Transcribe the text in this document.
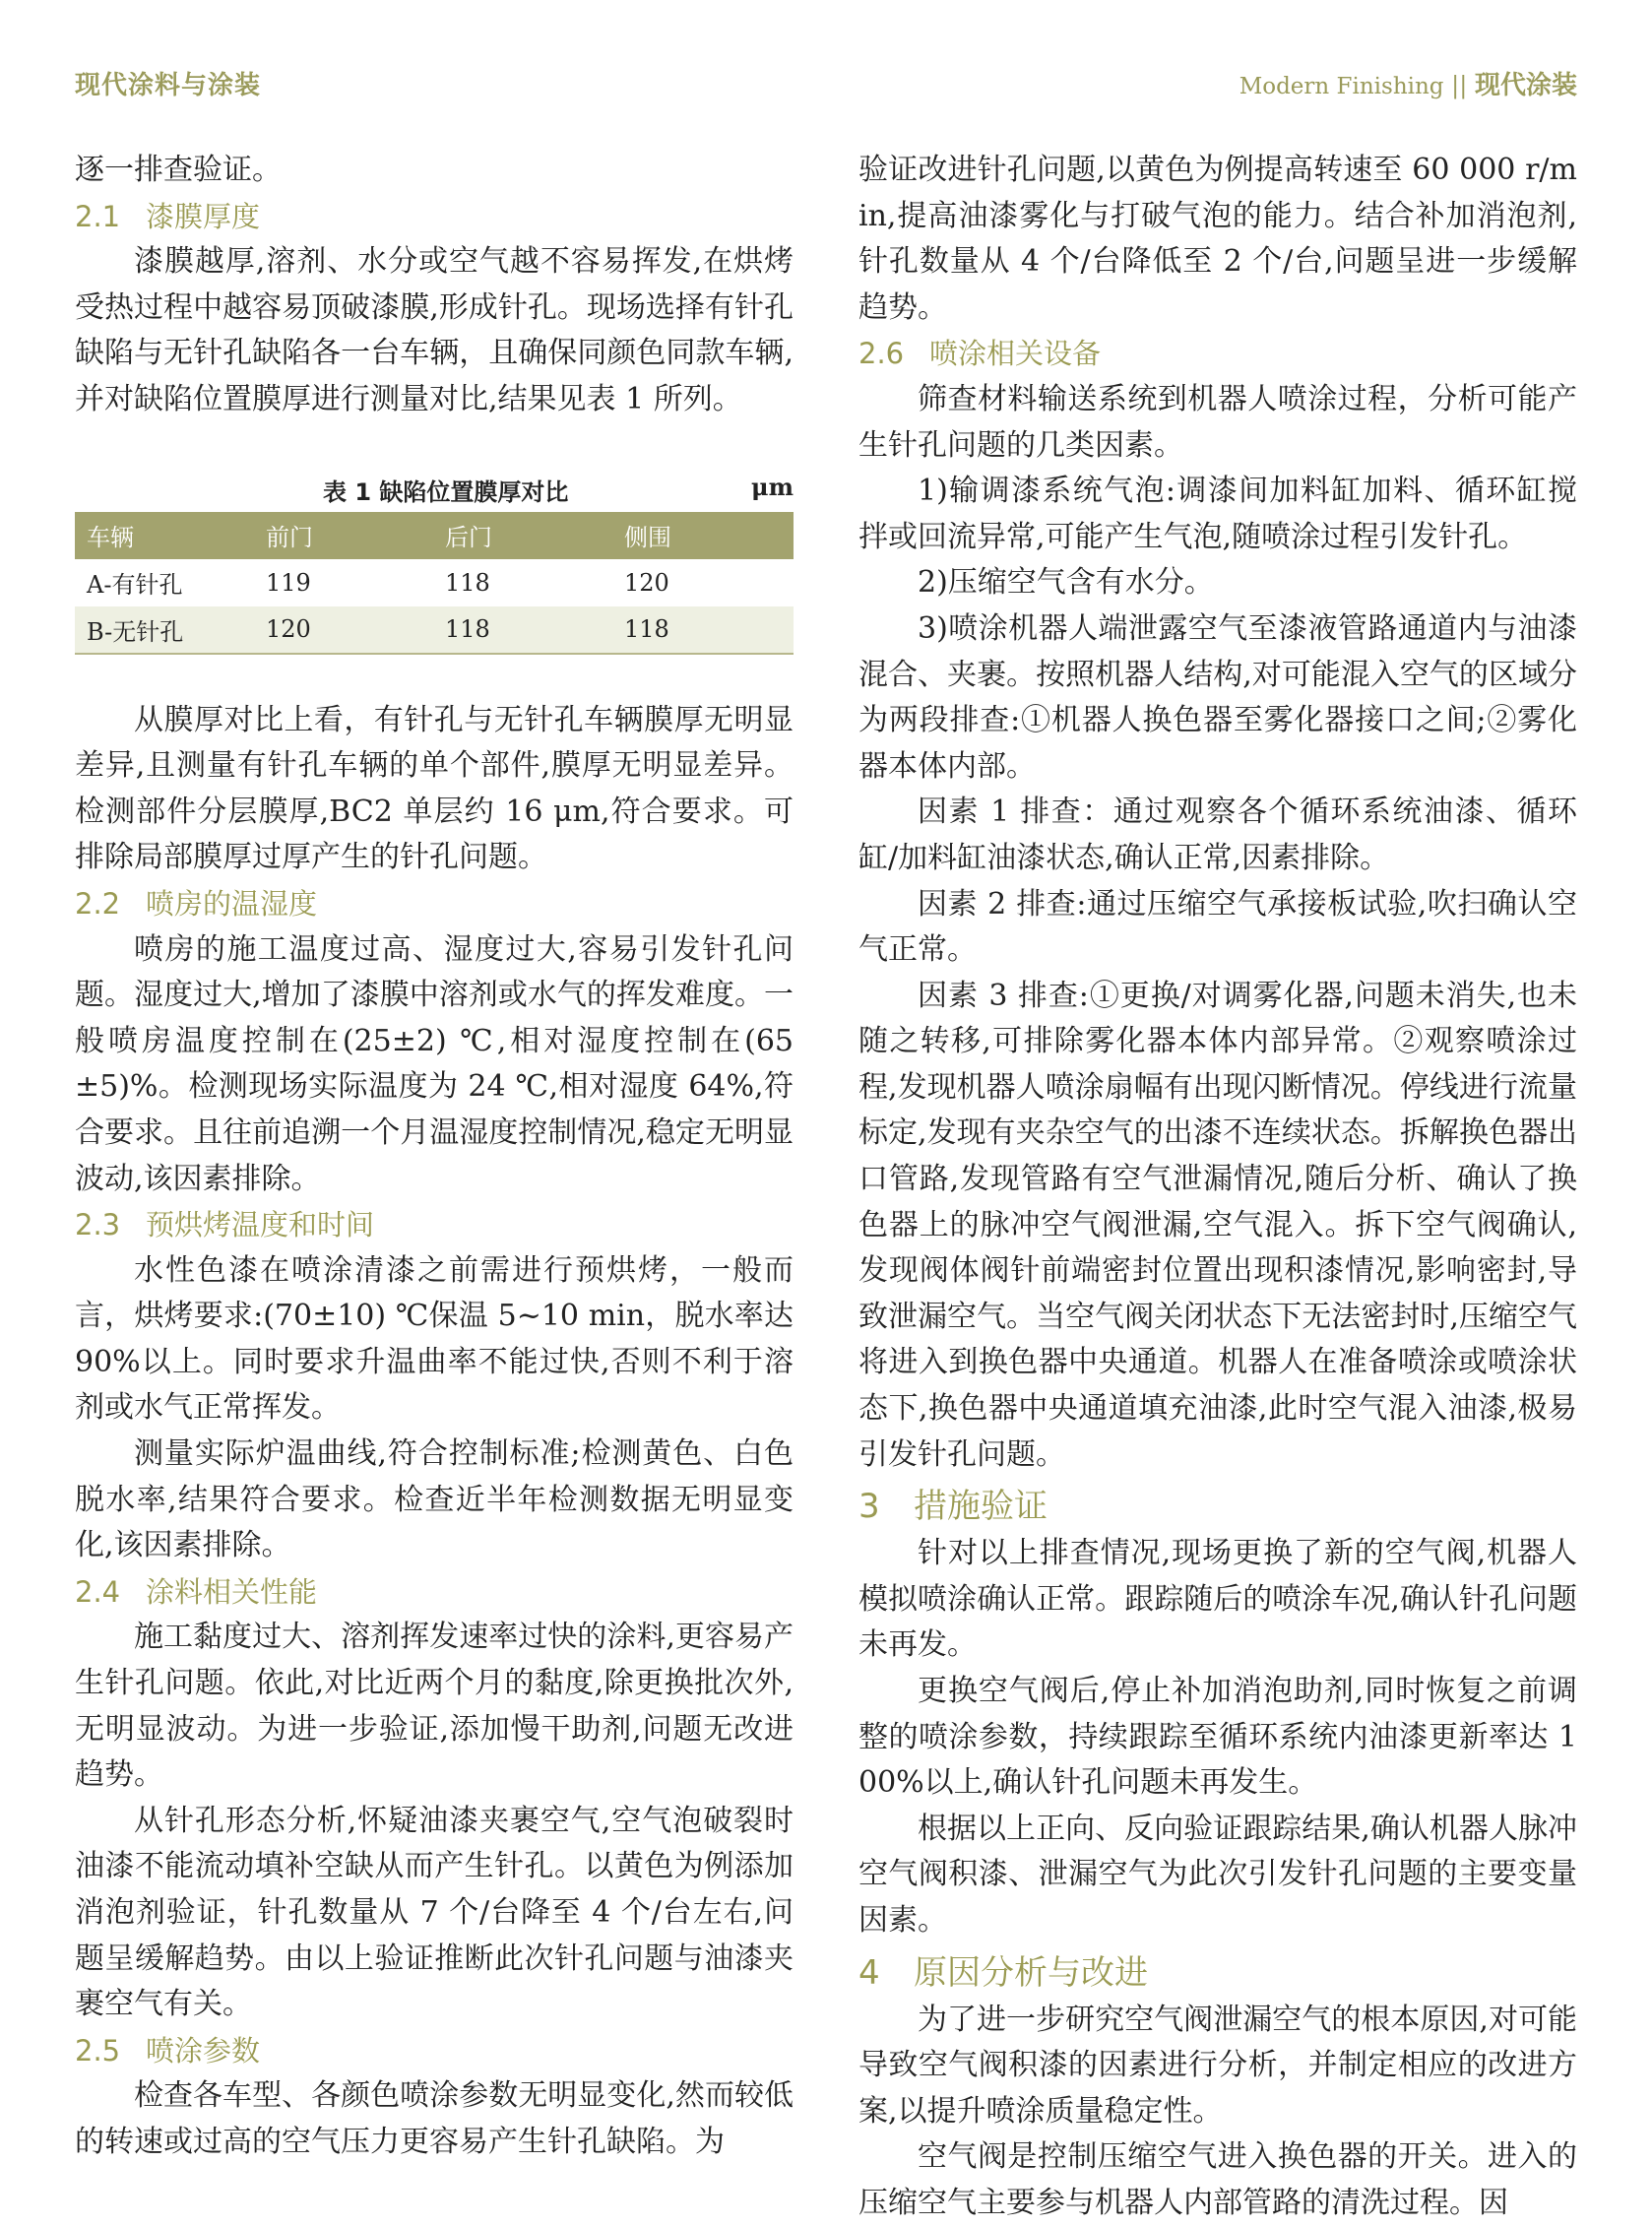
现代涂料与涂装	Modern Finishing || 现代涂装

逐一排查验证。

2.1 漆膜厚度

漆膜越厚,溶剂、水分或空气越不容易挥发,在烘烤受热过程中越容易顶破漆膜,形成针孔。现场选择有针孔缺陷与无针孔缺陷各一台车辆，且确保同颜色同款车辆,并对缺陷位置膜厚进行测量对比,结果见表 1 所列。

表 1 缺陷位置膜厚对比	μm
车辆	前门	后门	侧围
A-有针孔	119	118	120
B-无针孔	120	118	118

从膜厚对比上看，有针孔与无针孔车辆膜厚无明显差异,且测量有针孔车辆的单个部件,膜厚无明显差异。检测部件分层膜厚,BC2 单层约 16 μm,符合要求。可排除局部膜厚过厚产生的针孔问题。

2.2 喷房的温湿度

喷房的施工温度过高、湿度过大,容易引发针孔问题。湿度过大,增加了漆膜中溶剂或水气的挥发难度。一般喷房温度控制在(25±2) ℃,相对湿度控制在(65±5)%。检测现场实际温度为 24 ℃,相对湿度 64%,符合要求。且往前追溯一个月温湿度控制情况,稳定无明显波动,该因素排除。

2.3 预烘烤温度和时间

水性色漆在喷涂清漆之前需进行预烘烤，一般而言，烘烤要求:(70±10) ℃保温 5~10 min，脱水率达 90%以上。同时要求升温曲率不能过快,否则不利于溶剂或水气正常挥发。

测量实际炉温曲线,符合控制标准;检测黄色、白色脱水率,结果符合要求。检查近半年检测数据无明显变化,该因素排除。

2.4 涂料相关性能

施工黏度过大、溶剂挥发速率过快的涂料,更容易产生针孔问题。依此,对比近两个月的黏度,除更换批次外,无明显波动。为进一步验证,添加慢干助剂,问题无改进趋势。

从针孔形态分析,怀疑油漆夹裹空气,空气泡破裂时油漆不能流动填补空缺从而产生针孔。以黄色为例添加消泡剂验证，针孔数量从 7 个/台降至 4 个/台左右,问题呈缓解趋势。由以上验证推断此次针孔问题与油漆夹裹空气有关。

2.5 喷涂参数

检查各车型、各颜色喷涂参数无明显变化,然而较低的转速或过高的空气压力更容易产生针孔缺陷。为

验证改进针孔问题,以黄色为例提高转速至 60 000 r/min,提高油漆雾化与打破气泡的能力。结合补加消泡剂,针孔数量从 4 个/台降低至 2 个/台,问题呈进一步缓解趋势。

2.6 喷涂相关设备

筛查材料输送系统到机器人喷涂过程，分析可能产生针孔问题的几类因素。

1)输调漆系统气泡:调漆间加料缸加料、循环缸搅拌或回流异常,可能产生气泡,随喷涂过程引发针孔。

2)压缩空气含有水分。

3)喷涂机器人端泄露空气至漆液管路通道内与油漆混合、夹裹。按照机器人结构,对可能混入空气的区域分为两段排查:①机器人换色器至雾化器接口之间;②雾化器本体内部。

因素 1 排查：通过观察各个循环系统油漆、循环缸/加料缸油漆状态,确认正常,因素排除。

因素 2 排查:通过压缩空气承接板试验,吹扫确认空气正常。

因素 3 排查:①更换/对调雾化器,问题未消失,也未随之转移,可排除雾化器本体内部异常。②观察喷涂过程,发现机器人喷涂扇幅有出现闪断情况。停线进行流量标定,发现有夹杂空气的出漆不连续状态。拆解换色器出口管路,发现管路有空气泄漏情况,随后分析、确认了换色器上的脉冲空气阀泄漏,空气混入。拆下空气阀确认,发现阀体阀针前端密封位置出现积漆情况,影响密封,导致泄漏空气。当空气阀关闭状态下无法密封时,压缩空气将进入到换色器中央通道。机器人在准备喷涂或喷涂状态下,换色器中央通道填充油漆,此时空气混入油漆,极易引发针孔问题。

3 措施验证

针对以上排查情况,现场更换了新的空气阀,机器人模拟喷涂确认正常。跟踪随后的喷涂车况,确认针孔问题未再发。

更换空气阀后,停止补加消泡助剂,同时恢复之前调整的喷涂参数，持续跟踪至循环系统内油漆更新率达 100%以上,确认针孔问题未再发生。

根据以上正向、反向验证跟踪结果,确认机器人脉冲空气阀积漆、泄漏空气为此次引发针孔问题的主要变量因素。

4 原因分析与改进

为了进一步研究空气阀泄漏空气的根本原因,对可能导致空气阀积漆的因素进行分析，并制定相应的改进方案,以提升喷涂质量稳定性。

空气阀是控制压缩空气进入换色器的开关。进入的压缩空气主要参与机器人内部管路的清洗过程。因
